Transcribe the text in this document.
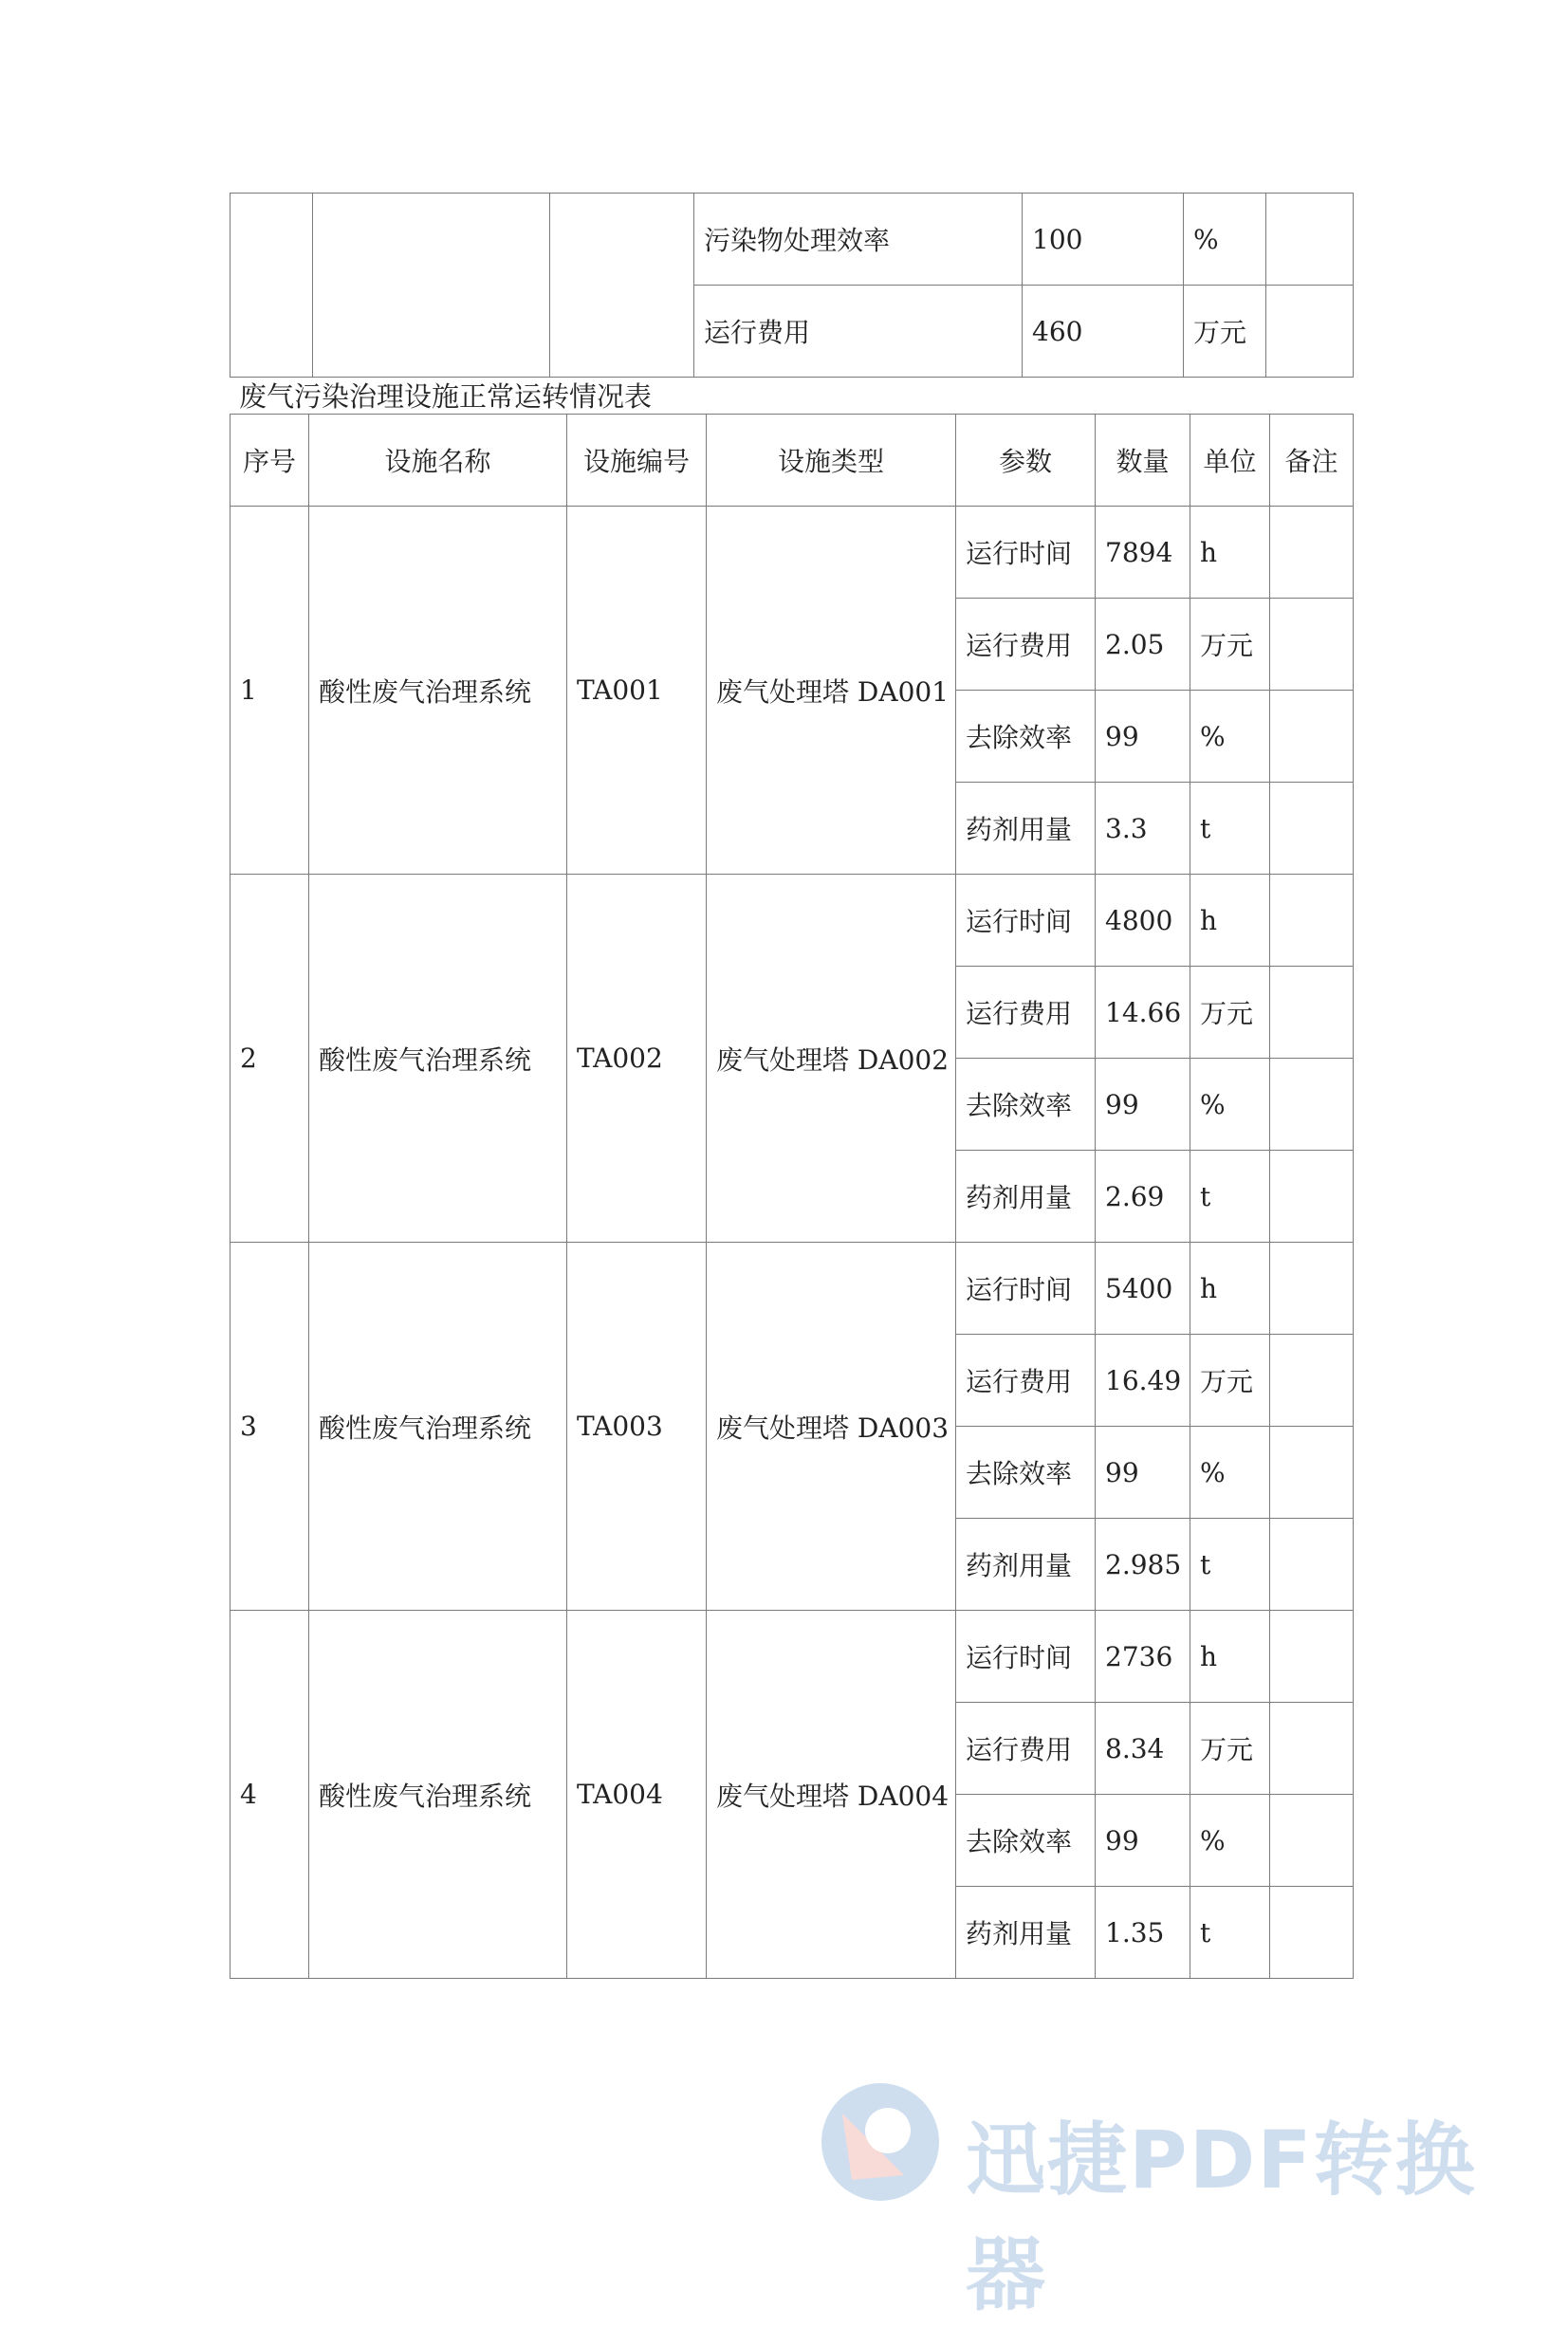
			污染物处理效率	100	%	
			运行费用	460	万元	
废气污染治理设施正常运转情况表
序号	设施名称	设施编号	设施类型	参数	数量	单位	备注
1	酸性废气治理系统	TA001	废气处理塔 DA001	运行时间	7894	h	
				运行费用	2.05	万元	
				去除效率	99	%	
				药剂用量	3.3	t	
2	酸性废气治理系统	TA002	废气处理塔 DA002	运行时间	4800	h	
				运行费用	14.66	万元	
				去除效率	99	%	
				药剂用量	2.69	t	
3	酸性废气治理系统	TA003	废气处理塔 DA003	运行时间	5400	h	
				运行费用	16.49	万元	
				去除效率	99	%	
				药剂用量	2.985	t	
4	酸性废气治理系统	TA004	废气处理塔 DA004	运行时间	2736	h	
				运行费用	8.34	万元	
				去除效率	99	%	
				药剂用量	1.35	t	
迅捷PDF转换器
